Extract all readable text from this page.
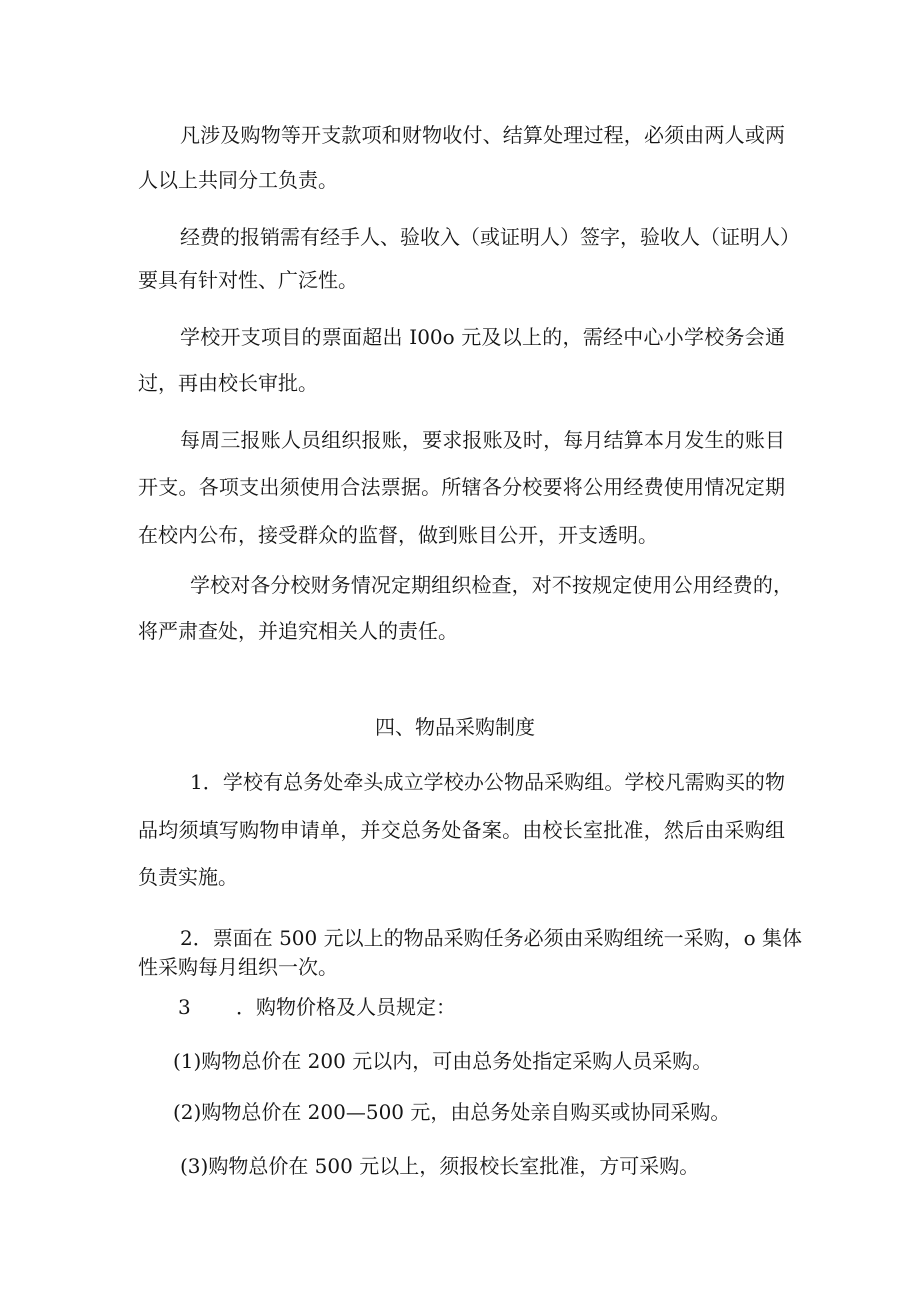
凡涉及购物等开支款项和财物收付、结算处理过程，必须由两人或两
人以上共同分工负责。
经费的报销需有经手人、验收入（或证明人）签字，验收人（证明人）
要具有针对性、广泛性。
学校开支项目的票面超出 I00o 元及以上的，需经中心小学校务会通
过，再由校长审批。
每周三报账人员组织报账，要求报账及时，每月结算本月发生的账目
开支。各项支出须使用合法票据。所辖各分校要将公用经费使用情况定期
在校内公布，接受群众的监督，做到账目公开，开支透明。
学校对各分校财务情况定期组织检查，对不按规定使用公用经费的，
将严肃查处，并追究相关人的责任。
四、物品采购制度
1．学校有总务处牵头成立学校办公物品采购组。学校凡需购买的物
品均须填写购物申请单，并交总务处备案。由校长室批准，然后由采购组
负责实施。
2．票面在 500 元以上的物品采购任务必须由采购组统一采购，o 集体
性采购每月组织一次。
3 ．购物价格及人员规定：
(1)购物总价在 200 元以内，可由总务处指定采购人员采购。
(2)购物总价在 200—500 元，由总务处亲自购买或协同采购。
(3)购物总价在 500 元以上，须报校长室批准，方可采购。
